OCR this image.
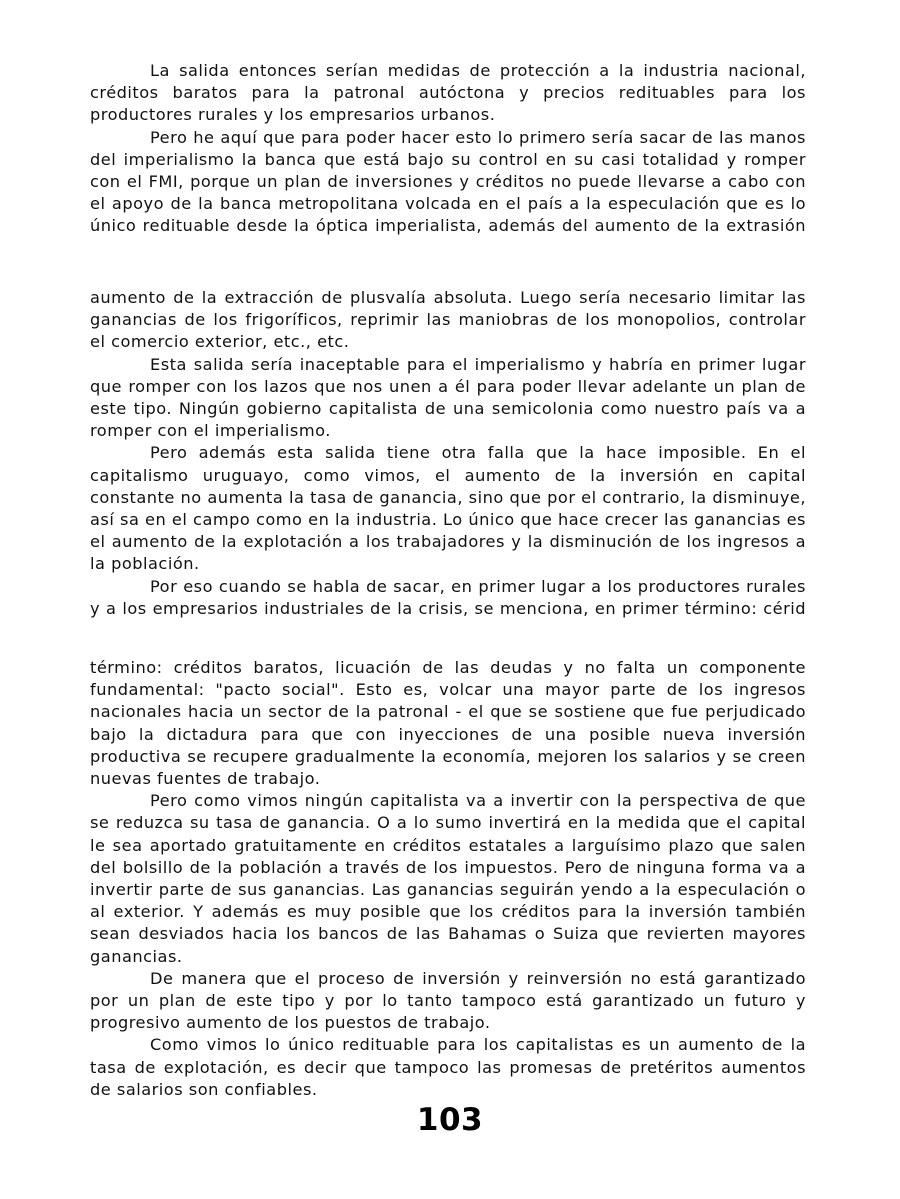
La salida entonces serían medidas de protección a la industria nacional, créditos baratos para la patronal autóctona y precios redituables para los productores rurales y los empresarios urbanos.

Pero he aquí que para poder hacer esto lo primero sería sacar de las manos del imperialismo la banca que está bajo su control en su casi totalidad y romper con el FMI, porque un plan de inversiones y créditos no puede llevarse a cabo con el apoyo de la banca metropolitana volcada en el país a la especulación que es lo único redituable desde la óptica imperialista, además del aumento de la extrasión

aumento de la extracción de plusvalía absoluta. Luego sería necesario limitar las ganancias de los frigoríficos, reprimir las maniobras de los monopolios, controlar el comercio exterior, etc., etc.

Esta salida sería inaceptable para el imperialismo y habría en primer lugar que romper con los lazos que nos unen a él para poder llevar adelante un plan de este tipo. Ningún gobierno capitalista de una semicolonia como nuestro país va a romper con el imperialismo.

Pero además esta salida tiene otra falla que la hace imposible. En el capitalismo uruguayo, como vimos, el aumento de la inversión en capital constante no aumenta la tasa de ganancia, sino que por el contrario, la disminuye, así sa en el campo como en la industria. Lo único que hace crecer las ganancias es el aumento de la explotación a los trabajadores y la disminución de los ingresos a la población.

Por eso cuando se habla de sacar, en primer lugar a los productores rurales y a los empresarios industriales de la crisis, se menciona, en primer término: cérid

término: créditos baratos, licuación de las deudas y no falta un componente fundamental: "pacto social". Esto es, volcar una mayor parte de los ingresos nacionales hacia un sector de la patronal - el que se sostiene que fue perjudicado bajo la dictadura para que con inyecciones de una posible nueva inversión productiva se recupere gradualmente la economía, mejoren los salarios y se creen nuevas fuentes de trabajo.

Pero como vimos ningún capitalista va a invertir con la perspectiva de que se reduzca su tasa de ganancia. O a lo sumo invertirá en la medida que el capital le sea aportado gratuitamente en créditos estatales a larguísimo plazo que salen del bolsillo de la población a través de los impuestos. Pero de ninguna forma va a invertir parte de sus ganancias. Las ganancias seguirán yendo a la especulación o al exterior. Y además es muy posible que los créditos para la inversión también sean desviados hacia los bancos de las Bahamas o Suiza que revierten mayores ganancias.

De manera que el proceso de inversión y reinversión no está garantizado por un plan de este tipo y por lo tanto tampoco está garantizado un futuro y progresivo aumento de los puestos de trabajo.

Como vimos lo único redituable para los capitalistas es un aumento de la tasa de explotación, es decir que tampoco las promesas de pretéritos aumentos de salarios son confiables.

103
